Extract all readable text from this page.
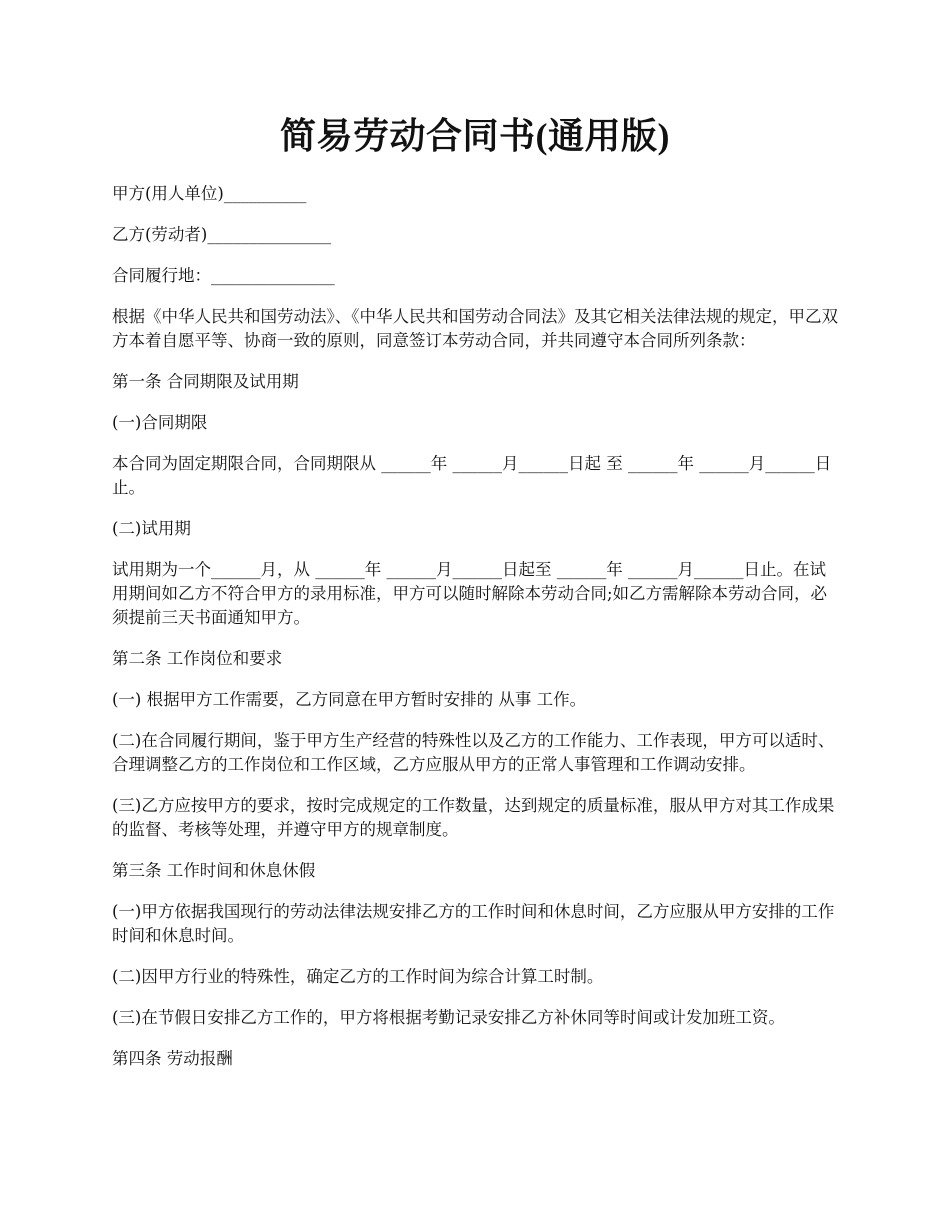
简易劳动合同书(通用版)

甲方(用人单位)__________

乙方(劳动者)_______________

合同履行地：_______________

根据《中华人民共和国劳动法》、《中华人民共和国劳动合同法》及其它相关法律法规的规定，甲乙双方本着自愿平等、协商一致的原则，同意签订本劳动合同，并共同遵守本合同所列条款：

第一条 合同期限及试用期

(一)合同期限

本合同为固定期限合同，合同期限从 ______年 ______月______日起 至 ______年 ______月______日止。

(二)试用期

试用期为一个______月，从 ______年 ______月______日起至 ______年 ______月______日止。在试用期间如乙方不符合甲方的录用标准，甲方可以随时解除本劳动合同;如乙方需解除本劳动合同，必须提前三天书面通知甲方。

第二条 工作岗位和要求

(一) 根据甲方工作需要，乙方同意在甲方暂时安排的 从事 工作。

(二)在合同履行期间，鉴于甲方生产经营的特殊性以及乙方的工作能力、工作表现，甲方可以适时、合理调整乙方的工作岗位和工作区域，乙方应服从甲方的正常人事管理和工作调动安排。

(三)乙方应按甲方的要求，按时完成规定的工作数量，达到规定的质量标准，服从甲方对其工作成果的监督、考核等处理，并遵守甲方的规章制度。

第三条 工作时间和休息休假

(一)甲方依据我国现行的劳动法律法规安排乙方的工作时间和休息时间，乙方应服从甲方安排的工作时间和休息时间。

(二)因甲方行业的特殊性，确定乙方的工作时间为综合计算工时制。

(三)在节假日安排乙方工作的，甲方将根据考勤记录安排乙方补休同等时间或计发加班工资。

第四条 劳动报酬
